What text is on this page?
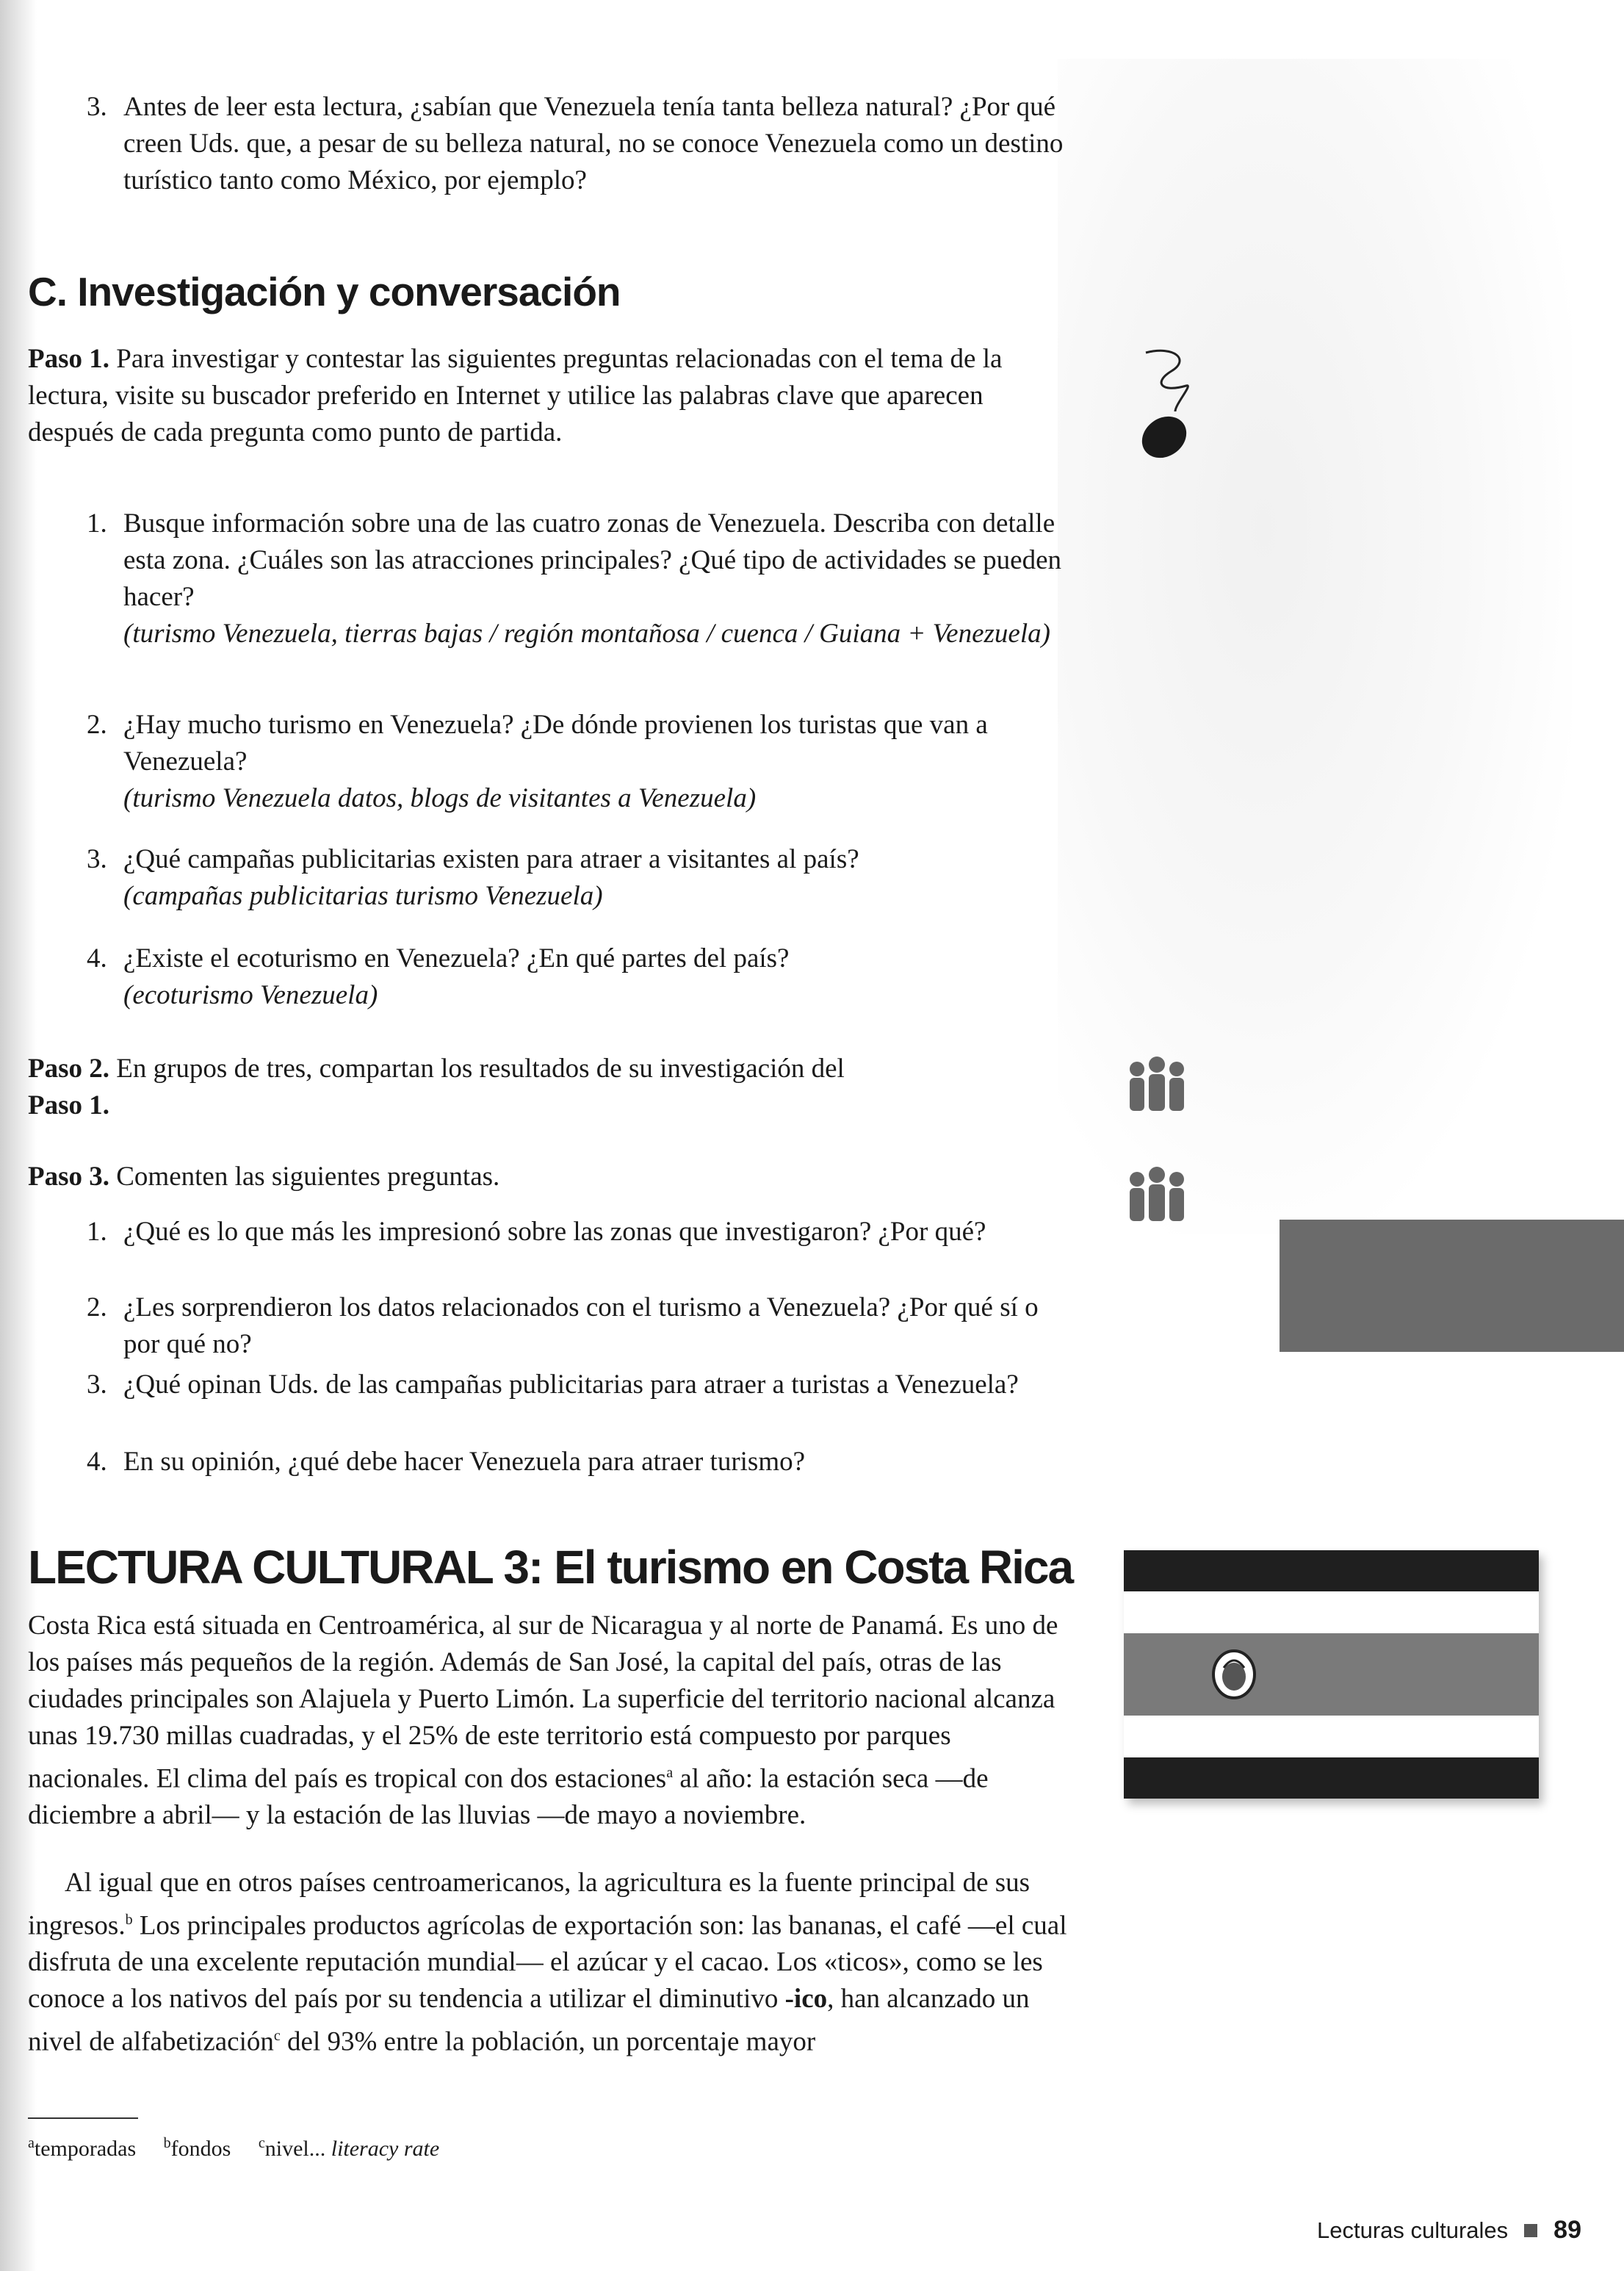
3. Antes de leer esta lectura, ¿sabían que Venezuela tenía tanta belleza natural? ¿Por qué creen Uds. que, a pesar de su belleza natural, no se conoce Venezuela como un destino turístico tanto como México, por ejemplo?

C. Investigación y conversación

Paso 1. Para investigar y contestar las siguientes preguntas relacionadas con el tema de la lectura, visite su buscador preferido en Internet y utilice las palabras clave que aparecen después de cada pregunta como punto de partida.

1. Busque información sobre una de las cuatro zonas de Venezuela. Describa con detalle esta zona. ¿Cuáles son las atracciones principales? ¿Qué tipo de actividades se pueden hacer?
(turismo Venezuela, tierras bajas / región montañosa / cuenca / Guiana + Venezuela)

2. ¿Hay mucho turismo en Venezuela? ¿De dónde provienen los turistas que van a Venezuela?
(turismo Venezuela datos, blogs de visitantes a Venezuela)

3. ¿Qué campañas publicitarias existen para atraer a visitantes al país?
(campañas publicitarias turismo Venezuela)

4. ¿Existe el ecoturismo en Venezuela? ¿En qué partes del país?
(ecoturismo Venezuela)

Paso 2. En grupos de tres, compartan los resultados de su investigación del
Paso 1.

Paso 3. Comenten las siguientes preguntas.

1. ¿Qué es lo que más les impresionó sobre las zonas que investigaron? ¿Por qué?

2. ¿Les sorprendieron los datos relacionados con el turismo a Venezuela? ¿Por qué sí o por qué no?

3. ¿Qué opinan Uds. de las campañas publicitarias para atraer a turistas a Venezuela?

4. En su opinión, ¿qué debe hacer Venezuela para atraer turismo?

LECTURA CULTURAL 3: El turismo en Costa Rica

Costa Rica está situada en Centroamérica, al sur de Nicaragua y al norte de Panamá. Es uno de los países más pequeños de la región. Además de San José, la capital del país, otras de las ciudades principales son Alajuela y Puerto Limón. La superficie del territorio nacional alcanza unas 19.730 millas cuadradas, y el 25% de este territorio está compuesto por parques nacionales. El clima del país es tropical con dos estaciones$^a$ al año: la estación seca —de diciembre a abril— y la estación de las lluvias —de mayo a noviembre.

Al igual que en otros países centroamericanos, la agricultura es la fuente principal de sus ingresos.$^b$ Los principales productos agrícolas de exportación son: las bananas, el café —el cual disfruta de una excelente reputación mundial— el azúcar y el cacao. Los «ticos», como se les conoce a los nativos del país por su tendencia a utilizar el diminutivo -ico, han alcanzado un nivel de alfabetización$^c$ del 93% entre la población, un porcentaje mayor

$^a$temporadas $^b$fondos $^c$nivel... literacy rate
Lecturas culturales 89
